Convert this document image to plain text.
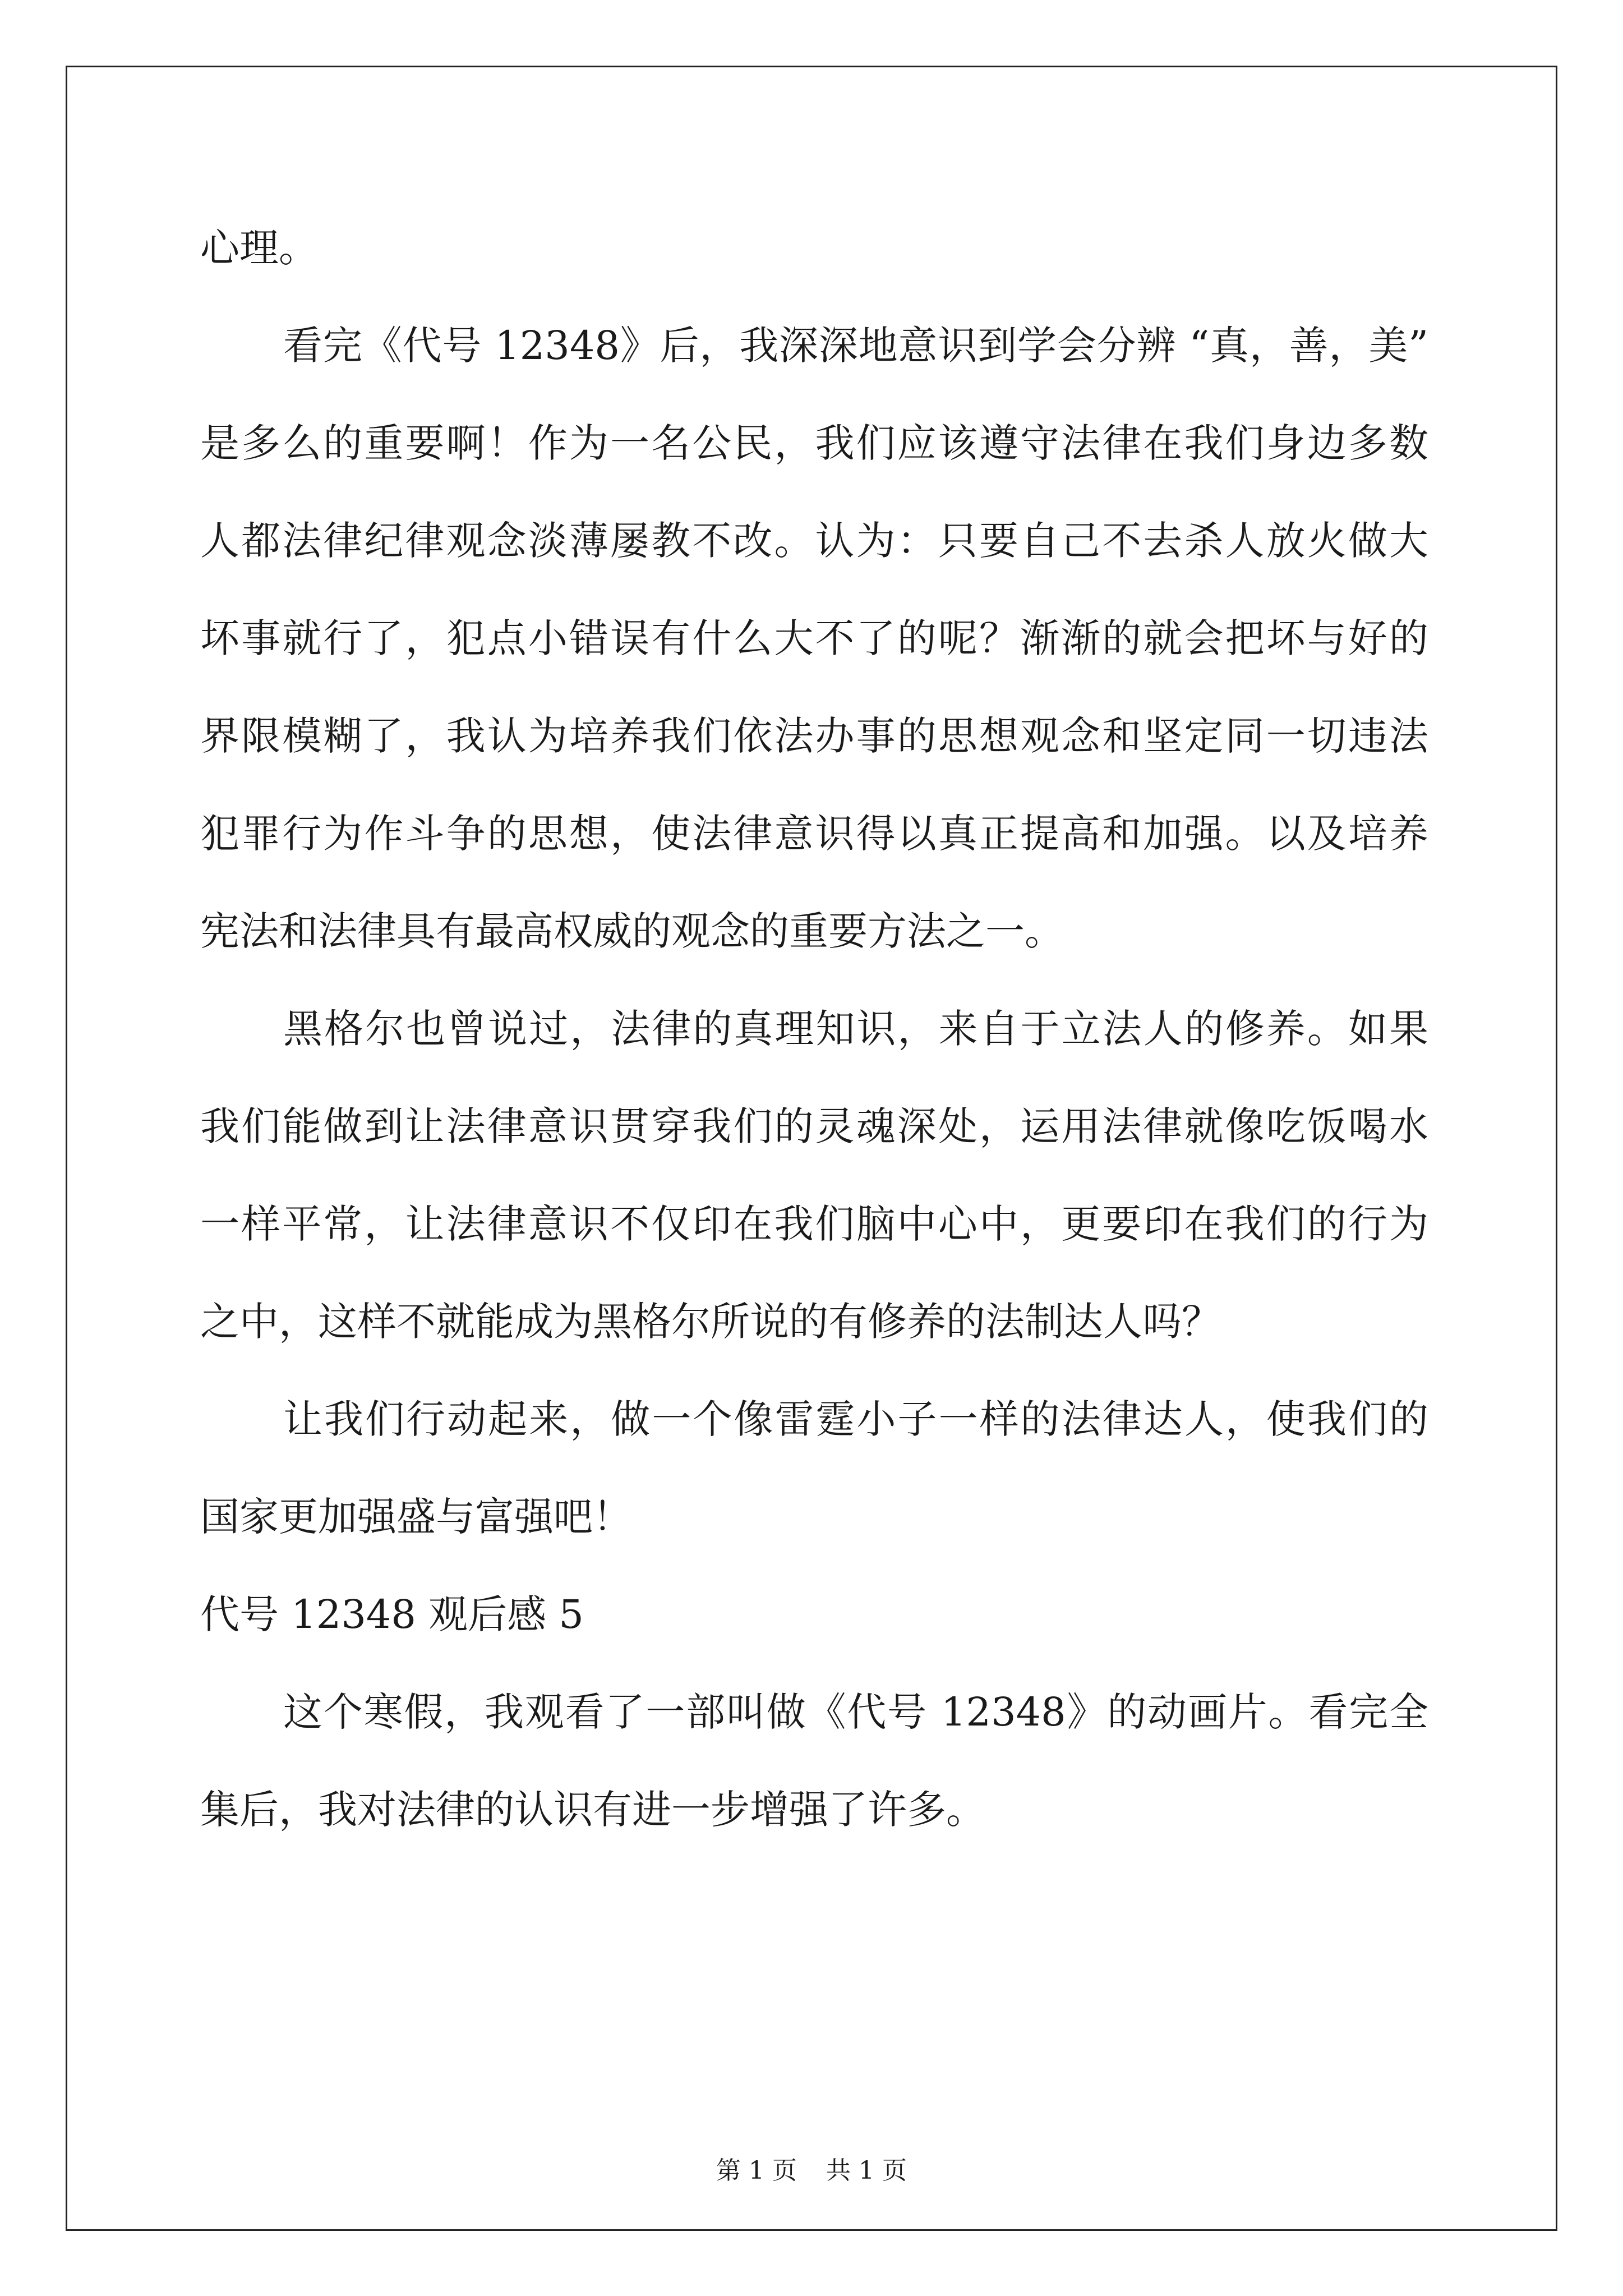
心理。
看完《代号 12348》后，我深深地意识到学会分辨 “真，善，美”
是多么的重要啊！作为一名公民，我们应该遵守法律在我们身边多数
人都法律纪律观念淡薄屡教不改。认为：只要自己不去杀人放火做大
坏事就行了，犯点小错误有什么大不了的呢？渐渐的就会把坏与好的
界限模糊了，我认为培养我们依法办事的思想观念和坚定同一切违法
犯罪行为作斗争的思想，使法律意识得以真正提高和加强。以及培养
宪法和法律具有最高权威的观念的重要方法之一。
黑格尔也曾说过，法律的真理知识，来自于立法人的修养。如果
我们能做到让法律意识贯穿我们的灵魂深处，运用法律就像吃饭喝水
一样平常，让法律意识不仅印在我们脑中心中，更要印在我们的行为
之中，这样不就能成为黑格尔所说的有修养的法制达人吗？
让我们行动起来，做一个像雷霆小子一样的法律达人，使我们的
国家更加强盛与富强吧！
代号 12348 观后感 5
这个寒假，我观看了一部叫做《代号 12348》的动画片。看完全
集后，我对法律的认识有进一步增强了许多。
第 1 页 共 1 页
